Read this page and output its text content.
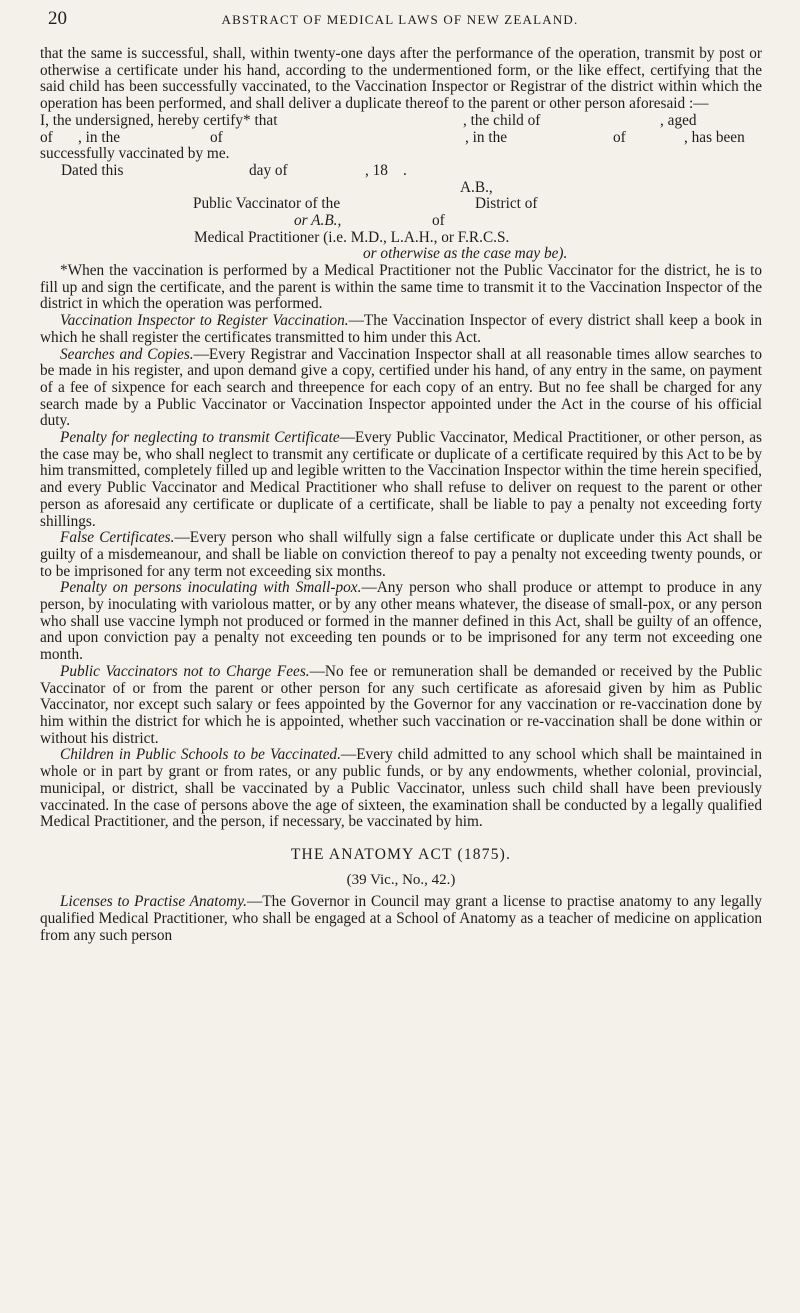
20	ABSTRACT OF MEDICAL LAWS OF NEW ZEALAND.

that the same is successful, shall, within twenty-one days after the performance of the operation, transmit by post or otherwise a certificate under his hand, according to the undermentioned form, or the like effect, certifying that the said child has been successfully vaccinated, to the Vaccination Inspector or Registrar of the district within which the operation has been performed, and shall deliver a duplicate thereof to the parent or other person aforesaid :—

I, the undersigned, hereby certify* that	, the child of	, aged
of , in the	of	, in the	of	, has been
successfully vaccinated by me.
Dated this	day of	, 18 .
A.B.,
Public Vaccinator of the	District of
or A.B.,	of
Medical Practitioner (i.e. M.D., L.A.H., or F.R.C.S.
or otherwise as the case may be).

*When the vaccination is performed by a Medical Practitioner not the Public Vaccinator for the district, he is to fill up and sign the certificate, and the parent is within the same time to transmit it to the Vaccination Inspector of the district in which the operation was performed.

Vaccination Inspector to Register Vaccination.—The Vaccination Inspector of every district shall keep a book in which he shall register the certificates transmitted to him under this Act.

Searches and Copies.—Every Registrar and Vaccination Inspector shall at all reasonable times allow searches to be made in his register, and upon demand give a copy, certified under his hand, of any entry in the same, on payment of a fee of sixpence for each search and threepence for each copy of an entry. But no fee shall be charged for any search made by a Public Vaccinator or Vaccination Inspector appointed under the Act in the course of his official duty.

Penalty for neglecting to transmit Certificate—Every Public Vaccinator, Medical Practitioner, or other person, as the case may be, who shall neglect to transmit any certificate or duplicate of a certificate required by this Act to be by him transmitted, completely filled up and legible written to the Vaccination Inspector within the time herein specified, and every Public Vaccinator and Medical Practitioner who shall refuse to deliver on request to the parent or other person as aforesaid any certificate or duplicate of a certificate, shall be liable to pay a penalty not exceeding forty shillings.

False Certificates.—Every person who shall wilfully sign a false certificate or duplicate under this Act shall be guilty of a misdemeanour, and shall be liable on conviction thereof to pay a penalty not exceeding twenty pounds, or to be imprisoned for any term not exceeding six months.

Penalty on persons inoculating with Small-pox.—Any person who shall produce or attempt to produce in any person, by inoculating with variolous matter, or by any other means whatever, the disease of small-pox, or any person who shall use vaccine lymph not produced or formed in the manner defined in this Act, shall be guilty of an offence, and upon conviction pay a penalty not exceeding ten pounds or to be imprisoned for any term not exceeding one month.

Public Vaccinators not to Charge Fees.—No fee or remuneration shall be demanded or received by the Public Vaccinator of or from the parent or other person for any such certificate as aforesaid given by him as Public Vaccinator, nor except such salary or fees appointed by the Governor for any vaccination or re-vaccination done by him within the district for which he is appointed, whether such vaccination or re-vaccination shall be done within or without his district.

Children in Public Schools to be Vaccinated.—Every child admitted to any school which shall be maintained in whole or in part by grant or from rates, or any public funds, or by any endowments, whether colonial, provincial, municipal, or district, shall be vaccinated by a Public Vaccinator, unless such child shall have been previously vaccinated. In the case of persons above the age of sixteen, the examination shall be conducted by a legally qualified Medical Practitioner, and the person, if necessary, be vaccinated by him.

THE ANATOMY ACT (1875).
(39 Vic., No., 42.)

Licenses to Practise Anatomy.—The Governor in Council may grant a license to practise anatomy to any legally qualified Medical Practitioner, who shall be engaged at a School of Anatomy as a teacher of medicine on application from any such person
